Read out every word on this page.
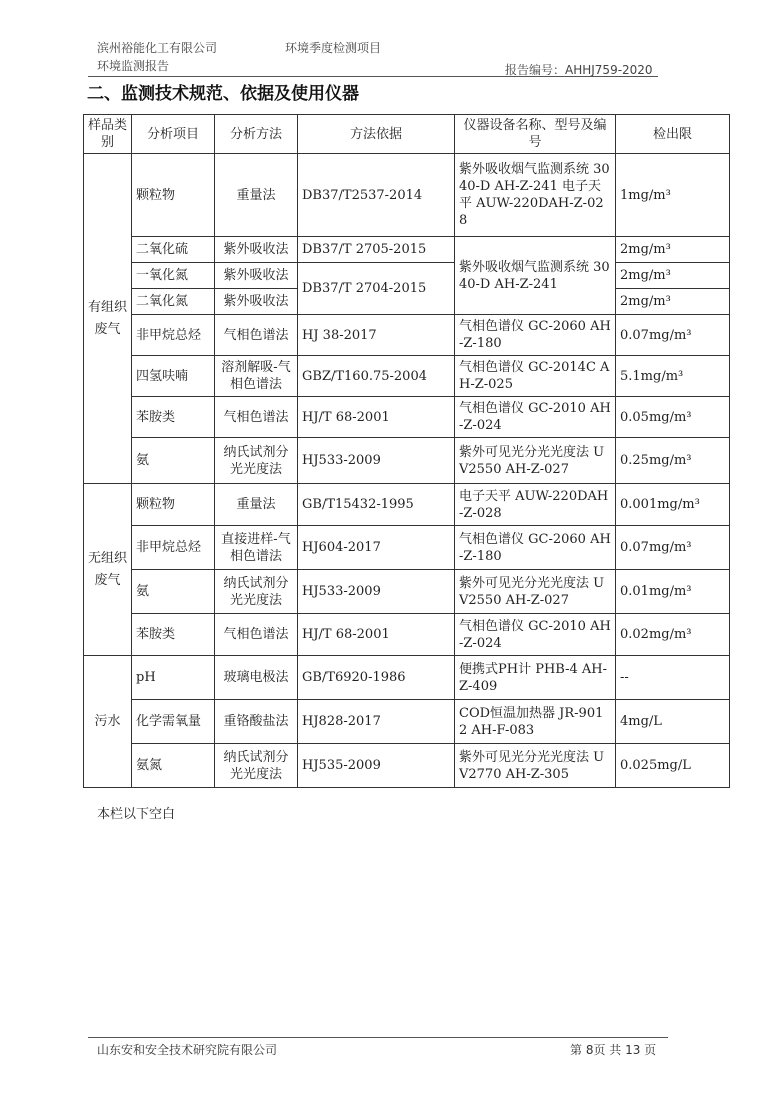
滨州裕能化工有限公司	环境季度检测项目
环境监测报告	报告编号：AHHJ759-2020
二、监测技术规范、依据及使用仪器
样品类别	分析项目	分析方法	方法依据	仪器设备名称、型号及编号	检出限
有组织废气	颗粒物	重量法	DB37/T2537-2014	紫外吸收烟气监测系统 3040-D AH-Z-241 电子天平 AUW-220DAH-Z-028	1mg/m³
	二氧化硫	紫外吸收法	DB37/T 2705-2015	紫外吸收烟气监测系统 3040-D AH-Z-241	2mg/m³
	一氧化氮	紫外吸收法	DB37/T 2704-2015		2mg/m³
	二氧化氮	紫外吸收法			2mg/m³
	非甲烷总烃	气相色谱法	HJ 38-2017	气相色谱仪 GC-2060 AH-Z-180	0.07mg/m³
	四氢呋喃	溶剂解吸-气相色谱法	GBZ/T160.75-2004	气相色谱仪 GC-2014C AH-Z-025	5.1mg/m³
	苯胺类	气相色谱法	HJ/T 68-2001	气相色谱仪 GC-2010 AH-Z-024	0.05mg/m³
	氨	纳氏试剂分光光度法	HJ533-2009	紫外可见光分光光度法 UV2550 AH-Z-027	0.25mg/m³
无组织废气	颗粒物	重量法	GB/T15432-1995	电子天平 AUW-220DAH-Z-028	0.001mg/m³
	非甲烷总烃	直接进样-气相色谱法	HJ604-2017	气相色谱仪 GC-2060 AH-Z-180	0.07mg/m³
	氨	纳氏试剂分光光度法	HJ533-2009	紫外可见光分光光度法 UV2550 AH-Z-027	0.01mg/m³
	苯胺类	气相色谱法	HJ/T 68-2001	气相色谱仪 GC-2010 AH-Z-024	0.02mg/m³
污水	pH	玻璃电极法	GB/T6920-1986	便携式PH计 PHB-4 AH-Z-409	--
	化学需氧量	重铬酸盐法	HJ828-2017	COD恒温加热器 JR-9012 AH-F-083	4mg/L
	氨氮	纳氏试剂分光光度法	HJ535-2009	紫外可见光分光光度法 UV2770 AH-Z-305	0.025mg/L
本栏以下空白
山东安和安全技术研究院有限公司	第 8页 共 13 页
